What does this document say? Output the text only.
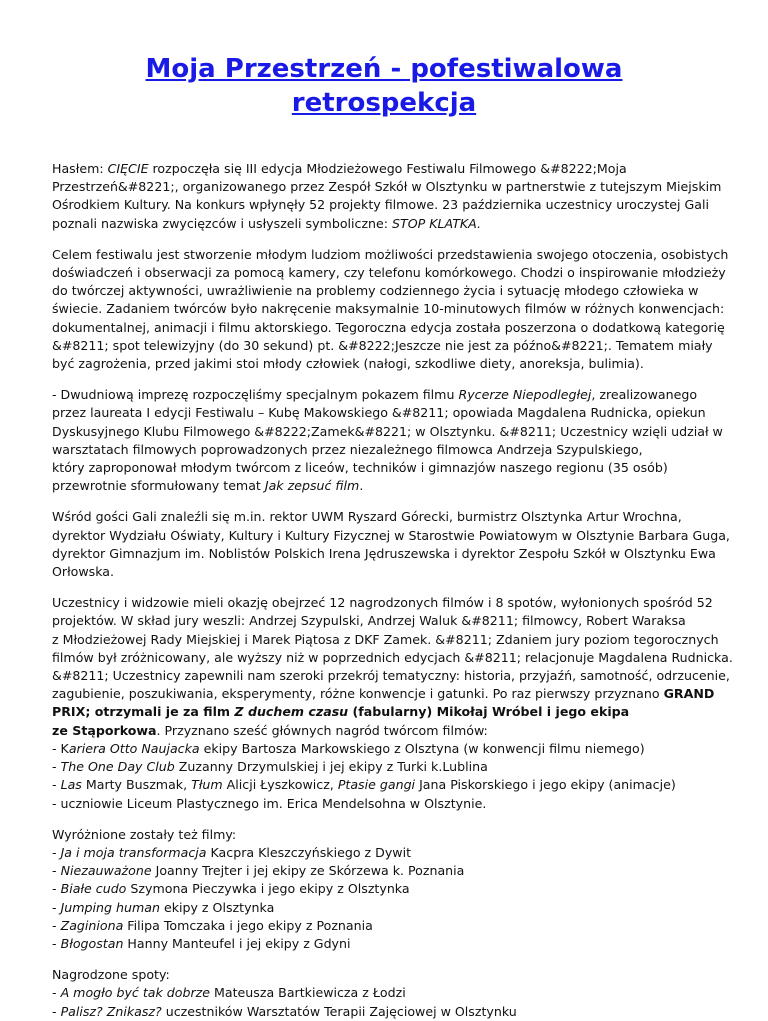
Moja Przestrzeń - pofestiwalowa retrospekcja

Hasłem: CIĘCIE rozpoczęła się III edycja Młodzieżowego Festiwalu Filmowego &#8222;Moja
Przestrzeń&#8221;, organizowanego przez Zespół Szkół w Olsztynku w partnerstwie z tutejszym Miejskim
Ośrodkiem Kultury. Na konkurs wpłynęły 52 projekty filmowe. 23 października uczestnicy uroczystej Gali
poznali nazwiska zwycięzców i usłyszeli symboliczne: STOP KLATKA.

Celem festiwalu jest stworzenie młodym ludziom możliwości przedstawienia swojego otoczenia, osobistych
doświadczeń i obserwacji za pomocą kamery, czy telefonu komórkowego. Chodzi o inspirowanie młodzieży
do twórczej aktywności, uwrażliwienie na problemy codziennego życia i sytuację młodego człowieka w
świecie. Zadaniem twórców było nakręcenie maksymalnie 10-minutowych filmów w różnych konwencjach:
dokumentalnej, animacji i filmu aktorskiego. Tegoroczna edycja została poszerzona o dodatkową kategorię
&#8211; spot telewizyjny (do 30 sekund) pt. &#8222;Jeszcze nie jest za późno&#8221;. Tematem miały
być zagrożenia, przed jakimi stoi młody człowiek (nałogi, szkodliwe diety, anoreksja, bulimia).

- Dwudniową imprezę rozpoczęliśmy specjalnym pokazem filmu Rycerze Niepodległej, zrealizowanego
przez laureata I edycji Festiwalu – Kubę Makowskiego &#8211; opowiada Magdalena Rudnicka, opiekun
Dyskusyjnego Klubu Filmowego &#8222;Zamek&#8221; w Olsztynku. &#8211; Uczestnicy wzięli udział w
warsztatach filmowych poprowadzonych przez niezależnego filmowca Andrzeja Szypulskiego,
który zaproponował młodym twórcom z liceów, techników i gimnazjów naszego regionu (35 osób)
przewrotnie sformułowany temat Jak zepsuć film.

Wśród gości Gali znaleźli się m.in. rektor UWM Ryszard Górecki, burmistrz Olsztynka Artur Wrochna,
dyrektor Wydziału Oświaty, Kultury i Kultury Fizycznej w Starostwie Powiatowym w Olsztynie Barbara Guga,
dyrektor Gimnazjum im. Noblistów Polskich Irena Jędruszewska i dyrektor Zespołu Szkół w Olsztynku Ewa
Orłowska.

Uczestnicy i widzowie mieli okazję obejrzeć 12 nagrodzonych filmów i 8 spotów, wyłonionych spośród 52
projektów. W skład jury weszli: Andrzej Szypulski, Andrzej Waluk &#8211; filmowcy, Robert Waraksa
z Młodzieżowej Rady Miejskiej i Marek Piątosa z DKF Zamek. &#8211; Zdaniem jury poziom tegorocznych
filmów był zróżnicowany, ale wyższy niż w poprzednich edycjach &#8211; relacjonuje Magdalena Rudnicka.
&#8211; Uczestnicy zapewnili nam szeroki przekrój tematyczny: historia, przyjaźń, samotność, odrzucenie,
zagubienie, poszukiwania, eksperymenty, różne konwencje i gatunki. Po raz pierwszy przyznano GRAND
PRIX; otrzymali je za film Z duchem czasu (fabularny) Mikołaj Wróbel i jego ekipa
ze Stąporkowa. Przyznano sześć głównych nagród twórcom filmów:
- Kariera Otto Naujacka ekipy Bartosza Markowskiego z Olsztyna (w konwencji filmu niemego)
- The One Day Club Zuzanny Drzymulskiej i jej ekipy z Turki k.Lublina
- Las Marty Buszmak, Tłum Alicji Łyszkowicz, Ptasie gangi Jana Piskorskiego i jego ekipy (animacje)
- uczniowie Liceum Plastycznego im. Erica Mendelsohna w Olsztynie.

Wyróżnione zostały też filmy:
- Ja i moja transformacja Kacpra Kleszczyńskiego z Dywit
- Niezauważone Joanny Trejter i jej ekipy ze Skórzewa k. Poznania
- Białe cudo Szymona Pieczywka i jego ekipy z Olsztynka
- Jumping human ekipy z Olsztynka
- Zaginiona Filipa Tomczaka i jego ekipy z Poznania
- Błogostan Hanny Manteufel i jej ekipy z Gdyni

Nagrodzone spoty:
- A mogło być tak dobrze Mateusza Bartkiewicza z Łodzi
- Palisz? Znikasz? uczestników Warsztatów Terapii Zajęciowej w Olsztynku
